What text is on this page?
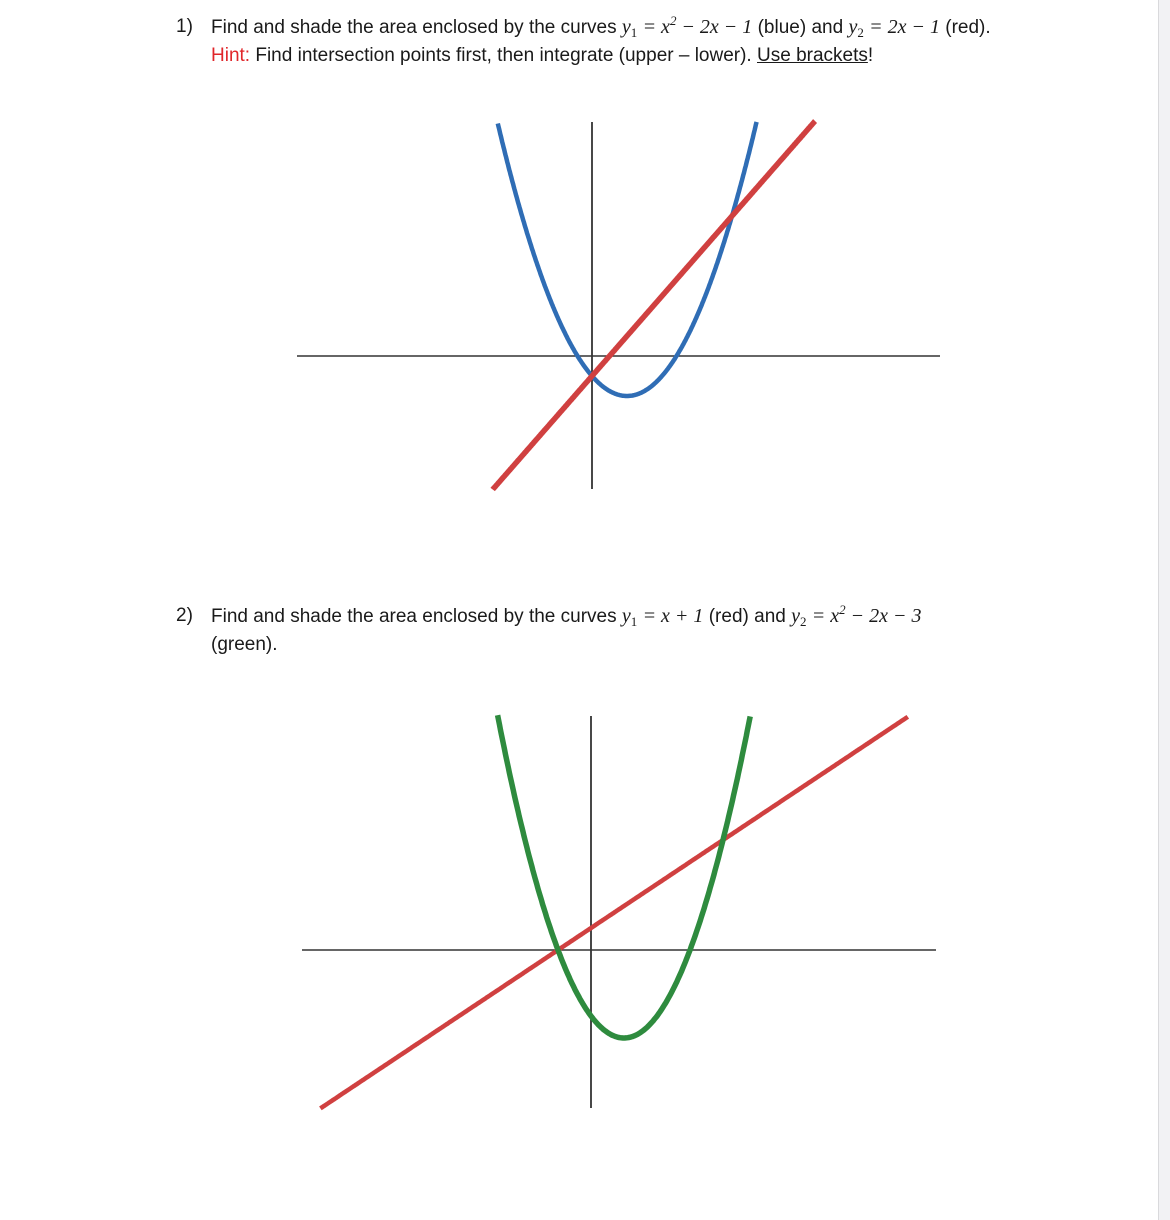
1) Find and shade the area enclosed by the curves $y_1 = x^2 - 2x - 1$ (blue) and $y_2 = 2x - 1$ (red).
Hint: Find intersection points first, then integrate (upper – lower). Use brackets!
2) Find and shade the area enclosed by the curves $y_1 = x + 1$ (red) and $y_2 = x^2 - 2x - 3$
(green).
